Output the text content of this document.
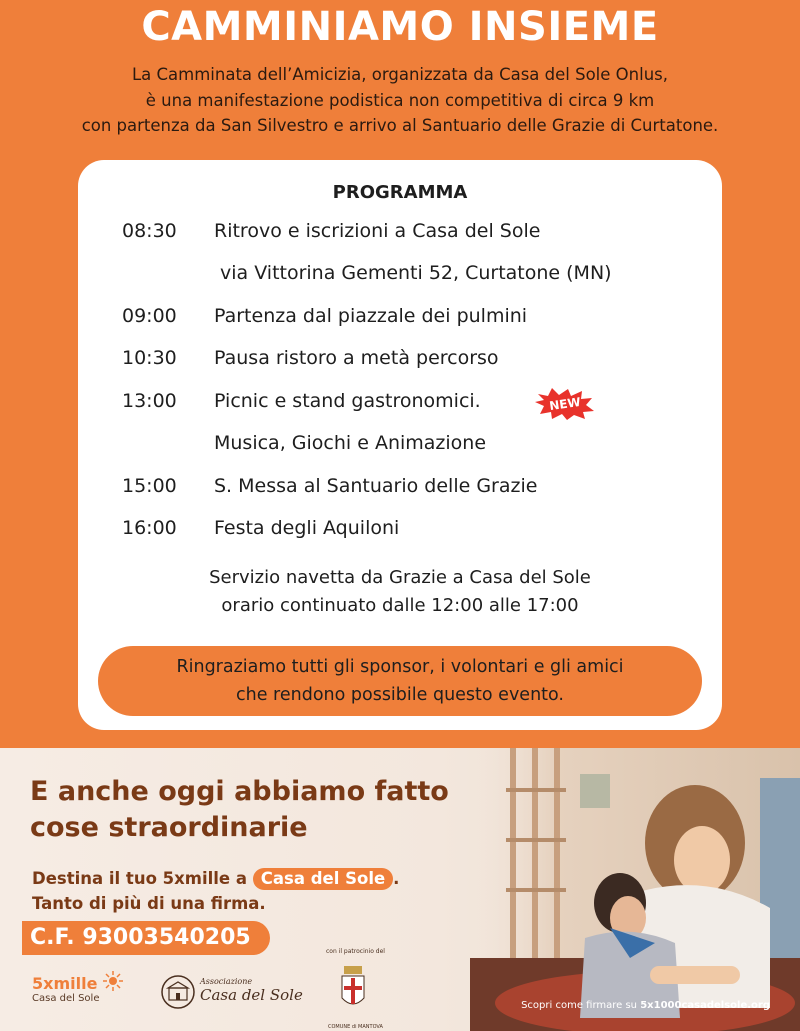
CAMMINIAMO INSIEME
La Camminata dell’Amicizia, organizzata da Casa del Sole Onlus,
è una manifestazione podistica non competitiva di circa 9 km
con partenza da San Silvestro e arrivo al Santuario delle Grazie di Curtatone.
PROGRAMMA
08:30 Ritrovo e iscrizioni a Casa del Sole
via Vittorina Gementi 52, Curtatone (MN)
09:00 Partenza dal piazzale dei pulmini
10:30 Pausa ristoro a metà percorso
13:00 Picnic e stand gastronomici.
Musica, Giochi e Animazione
15:00 S. Messa al Santuario delle Grazie
16:00 Festa degli Aquiloni
NEW
Servizio navetta da Grazie a Casa del Sole
orario continuato dalle 12:00 alle 17:00
Ringraziamo tutti gli sponsor, i volontari e gli amici
che rendono possibile questo evento.
E anche oggi abbiamo fatto
cose straordinarie
Destina il tuo 5xmille a Casa del Sole .
Tanto di più di una firma.
C.F. 93003540205
5xmille
Casa del Sole
Associazione
Casa del Sole
con il patrocinio del
COMUNE di MANTOVA
Scopri come firmare su 5x1000casadelsole.org
